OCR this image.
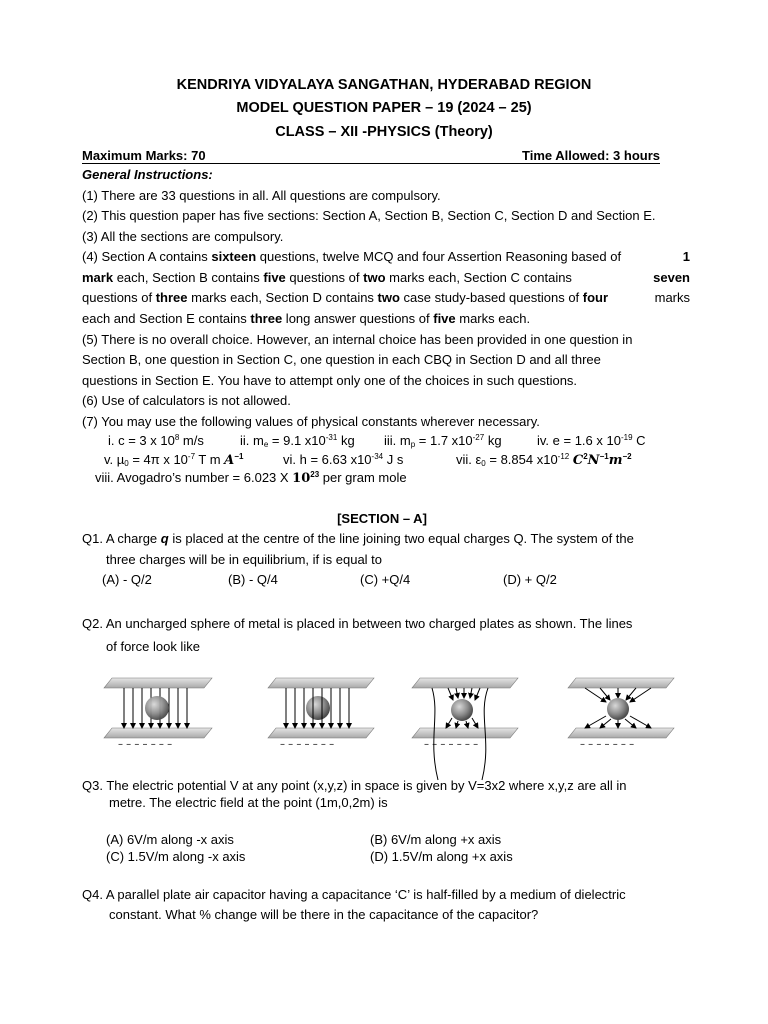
KENDRIYA VIDYALAYA SANGATHAN, HYDERABAD REGION
MODEL QUESTION PAPER – 19 (2024 – 25)
CLASS – XII -PHYSICS (Theory)
Maximum Marks: 70	Time Allowed: 3 hours
General Instructions:
(1) There are 33 questions in all. All questions are compulsory.
(2) This question paper has five sections: Section A, Section B, Section C, Section D and Section E.
(3) All the sections are compulsory.
(4) Section A contains sixteen questions, twelve MCQ and four Assertion Reasoning based of	1
mark each, Section B contains five questions of two marks each, Section C contains	seven
questions of three marks each, Section D contains two case study-based questions of four	marks
each and Section E contains three long answer questions of five marks each.
(5) There is no overall choice. However, an internal choice has been provided in one question in
Section B, one question in Section C, one question in each CBQ in Section D and all three
questions in Section E. You have to attempt only one of the choices in such questions.
(6) Use of calculators is not allowed.
(7) You may use the following values of physical constants wherever necessary.
i. c = 3 x $10^8$ m/s	ii. $m_e = 9.1$ $x10^{-31}$ kg iii. $m_p = 1.7$ $x10^{-27}$ kg	iv. e = 1.6 x $10^{-19}$ C
v. µ$_0$ = 4π x $10^{-7}$ T m $A^{-1}$	vi. h = 6.63 $x10^{-34}$ J s	vii. $\varepsilon_0 = 8.854$ $x10^{-12}$ $C^2N^{-1}m^{-2}$
viii. Avogadro’s number = 6.023 X $10^{23}$ per gram mole
[SECTION – A]
Q1. A charge q is placed at the centre of the line joining two equal charges Q. The system of the
three charges will be in equilibrium, if is equal to
(A) - Q/2	(B) - Q/4	(C) +Q/4	(D) + Q/2
Q2. An uncharged sphere of metal is placed in between two charged plates as shown. The lines
of force look like
– – – – – – –	– – – – – – –	– – – – – – –	– – – – – – –
Q3. The electric potential V at any point (x,y,z) in space is given by V=3x2 where x,y,z are all in
metre. The electric field at the point (1m,0,2m) is
(A) 6V/m along -x axis	(B) 6V/m along +x axis
(C) 1.5V/m along -x axis	(D) 1.5V/m along +x axis
Q4. A parallel plate air capacitor having a capacitance ‘C’ is half-filled by a medium of dielectric
constant. What % change will be there in the capacitance of the capacitor?
